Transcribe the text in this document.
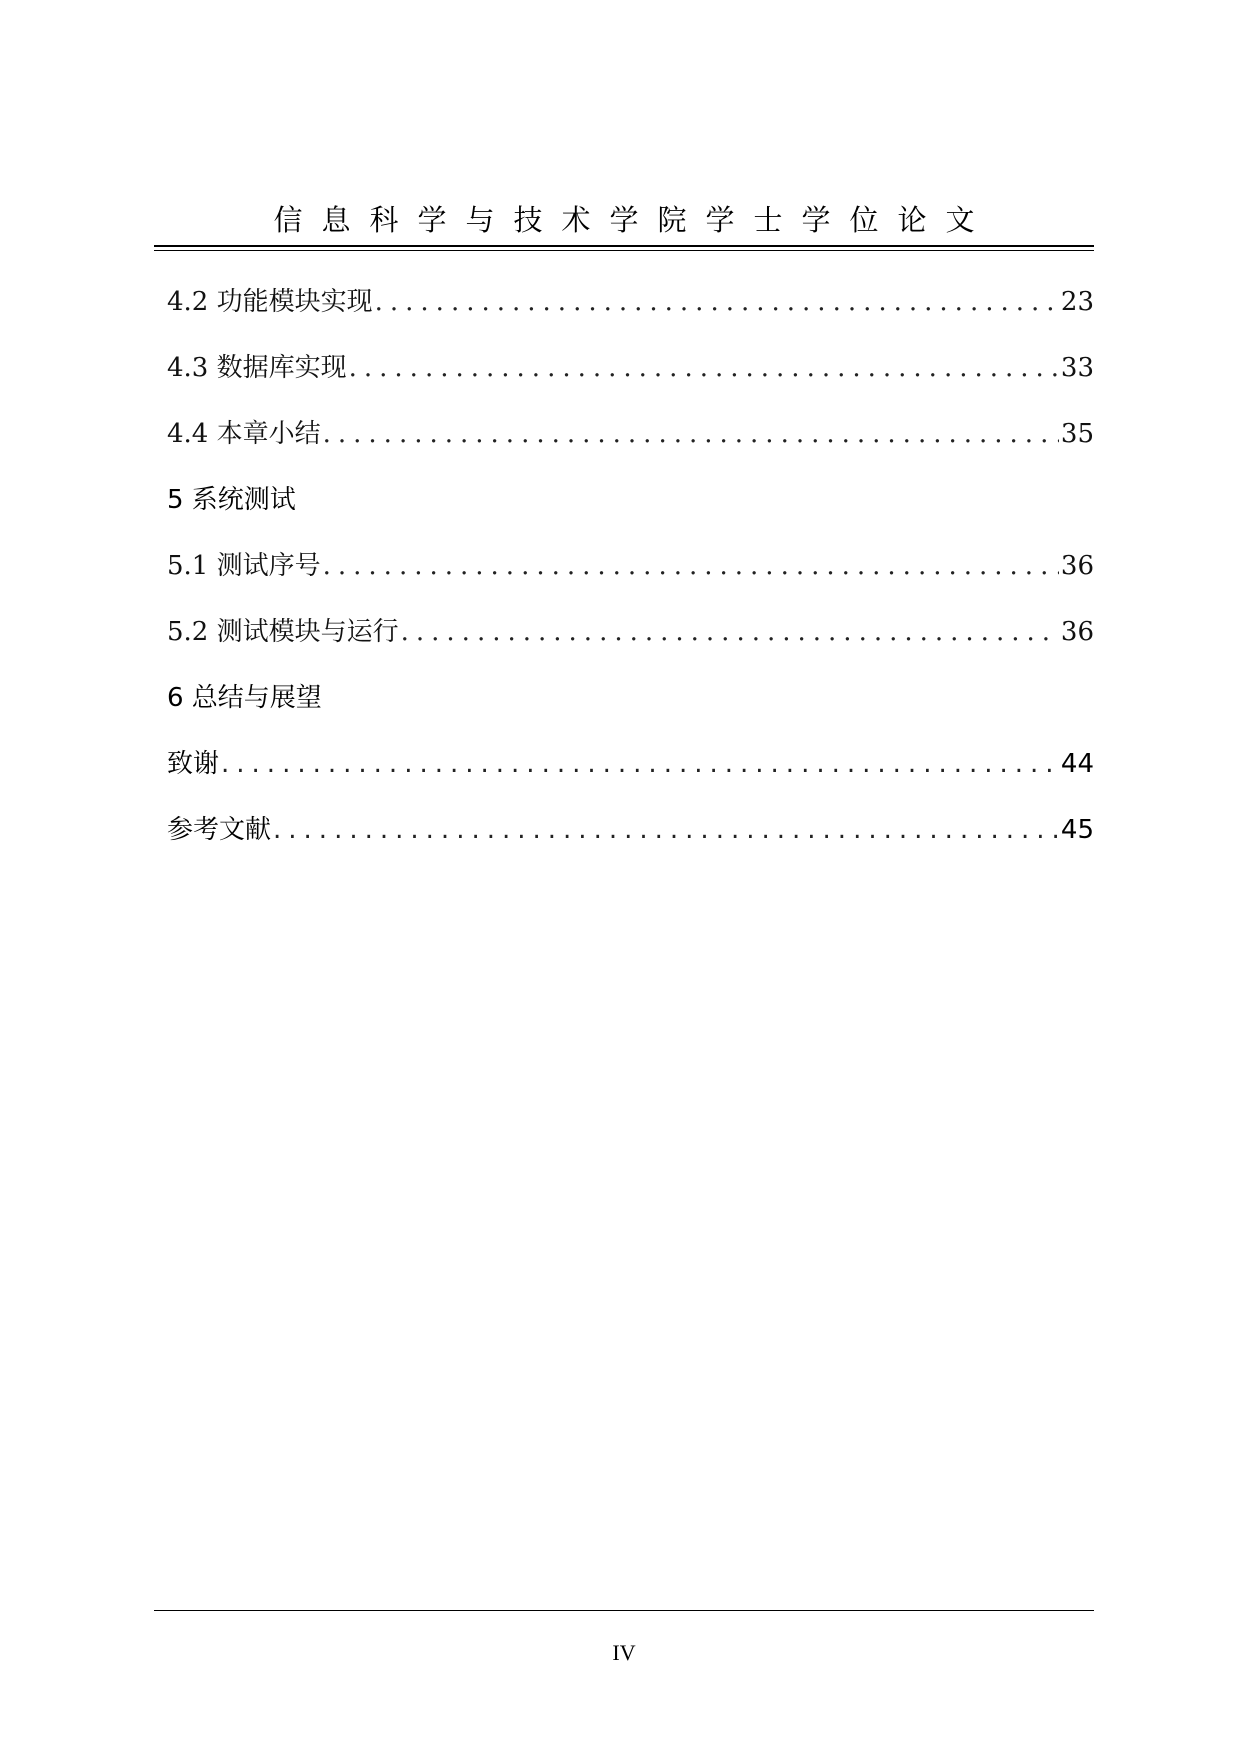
信息科学与技术学院学士学位论文
4.2 功能模块实现 .....	23
4.3 数据库实现 .....	33
4.4 本章小结 .....	35
5 系统测试
5.1 测试序号 .....	36
5.2 测试模块与运行 .....	36
6 总结与展望
致谢 .....	44
参考文献 .....	45
IV
